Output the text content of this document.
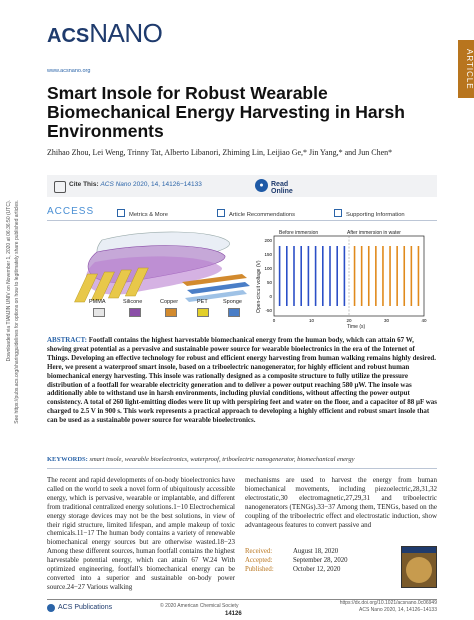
ACSNANO
www.acsnano.org	ARTICLE
Downloaded via TIANJIN UNIV on November 1, 2020 at 06:36:50 (UTC). See https://pubs.acs.org/sharingguidelines for options on how to legitimately share published articles.
Smart Insole for Robust Wearable Biomechanical Energy Harvesting in Harsh Environments
Zhihao Zhou, Lei Weng, Trinny Tat, Alberto Libanori, Zhiming Lin, Leijiao Ge,* Jin Yang,* and Jun Chen*
Cite This: ACS Nano 2020, 14, 14126−14133	●	Read Online
ACCESS	Metrics & More	Article Recommendations	Supporting Information
PMMA	Silicone	Copper	PET	Sponge
200
150
100
50
0
-50
0	10	20	30	40
Before immersion	After immersion in water
Open-circuit voltage (V)
Time (s)
ABSTRACT: Footfall contains the highest harvestable biomechanical energy from the human body, which can attain 67 W, showing great potential as a pervasive and sustainable power source for wearable bioelectronics in the era of the Internet of Things. Developing an effective technology for robust and efficient energy harvesting from human walking remains highly desired. Here, we present a waterproof smart insole, based on a triboelectric nanogenerator, for highly efficient and robust human biomechanical energy harvesting. This insole was rationally designed as a composite structure to fully utilize the pressure distribution of a footfall for wearable electricity generation and to deliver a power output reaching 580 μW. The insole was additionally able to withstand use in harsh environments, including pluvial conditions, without affecting the power output consistency. A total of 260 light-emitting diodes were lit up with perspiring feet and water on the floor, and a capacitor of 88 μF was charged to 2.5 V in 900 s. This work represents a practical approach to developing a highly efficient and robust smart insole that can be used as a sustainable power source for wearable bioelectronics.
KEYWORDS: smart insole, wearable bioelectronics, waterproof, triboelectric nanogenerator, biomechanical energy

The recent and rapid developments of on-body bioelectronics have called on the world to seek a novel form of ubiquitously accessible energy, which is pervasive, wearable or implantable, and different from traditional centralized energy solutions.1−10 Electrochemical energy storage devices may not be the best solutions, in view of their rigid structure, limited lifespan, and ample makeup of toxic chemicals.11−17 The human body contains a variety of renewable biomechanical energy sources but are otherwise wasted.18−23 Among these different sources, human footfall contains the highest harvestable potential energy, which can attain 67 W.24 With optimized engineering, footfall's biomechanical energy can be converted into a superior and sustainable on-body power source.24−27 Various walking

mechanisms are used to harvest the energy from human biomechanical movements, including piezoelectric,28,31,32 electrostatic,30 electromagnetic,27,29,31 and triboelectric nanogenerators (TENGs).33−37 Among them, TENGs, based on the coupling of the triboelectric effect and electrostatic induction, show advantageous features to convert passive and

Received:	August 18, 2020
Accepted:	September 28, 2020
Published:	October 12, 2020
ACS Publications	© 2020 American Chemical Society
14126
https://dx.doi.org/10.1021/acsnano.0c06949
ACS Nano 2020, 14, 14126−14133
